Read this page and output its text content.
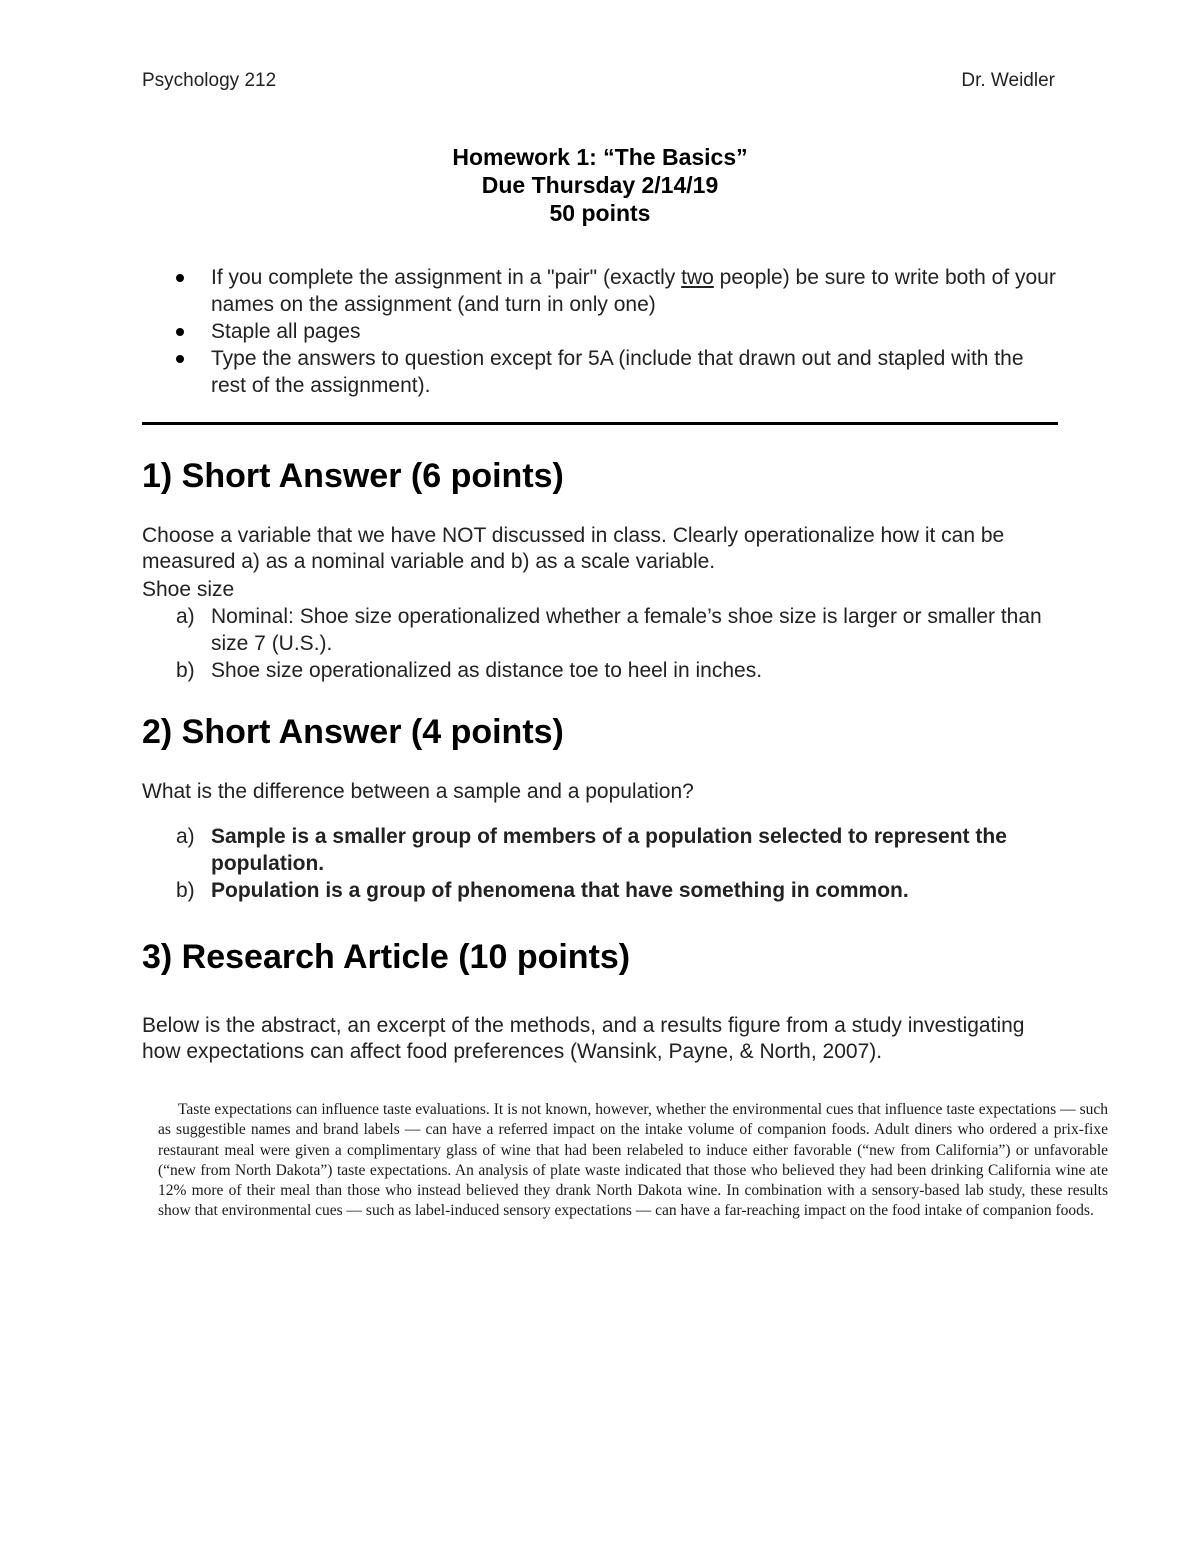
Psychology 212	Dr. Weidler
Homework 1: “The Basics”
Due Thursday 2/14/19
50 points
If you complete the assignment in a "pair" (exactly two people) be sure to write both of your names on the assignment (and turn in only one)
Staple all pages
Type the answers to question except for 5A (include that drawn out and stapled with the rest of the assignment).
1) Short Answer (6 points)

Choose a variable that we have NOT discussed in class. Clearly operationalize how it can be measured a) as a nominal variable and b) as a scale variable.

Shoe size

a) Nominal: Shoe size operationalized whether a female’s shoe size is larger or smaller than size 7 (U.S.).
b) Shoe size operationalized as distance toe to heel in inches.
2) Short Answer (4 points)

What is the difference between a sample and a population?

a) Sample is a smaller group of members of a population selected to represent the population.
b) Population is a group of phenomena that have something in common.
3) Research Article (10 points)

Below is the abstract, an excerpt of the methods, and a results figure from a study investigating how expectations can affect food preferences (Wansink, Payne, & North, 2007).

Taste expectations can influence taste evaluations. It is not known, however, whether the environmental cues that influence taste expectations — such as suggestible names and brand labels — can have a referred impact on the intake volume of companion foods. Adult diners who ordered a prix-fixe restaurant meal were given a complimentary glass of wine that had been relabeled to induce either favorable (“new from California”) or unfavorable (“new from North Dakota”) taste expectations. An analysis of plate waste indicated that those who believed they had been drinking California wine ate 12% more of their meal than those who instead believed they drank North Dakota wine. In combination with a sensory-based lab study, these results show that environmental cues — such as label-induced sensory expectations — can have a far-reaching impact on the food intake of companion foods.
